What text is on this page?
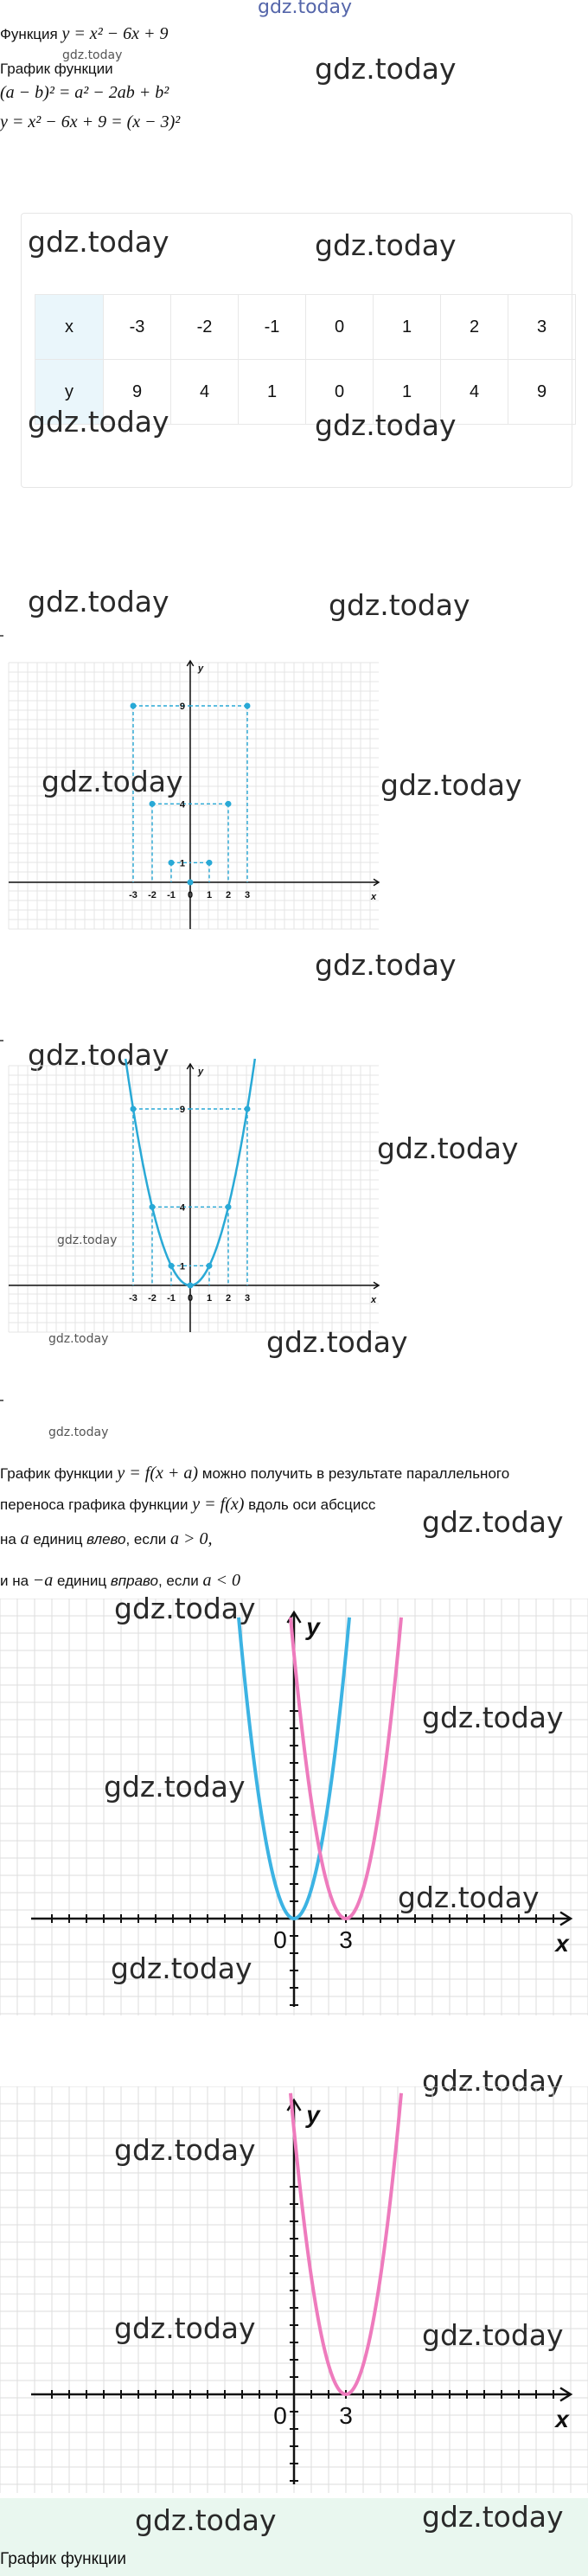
gdz.today
Функция y = x² − 6x + 9
gdz.today
График функции
(a − b)² = a² − 2ab + b²
y = x² − 6x + 9 = (x − 3)²
gdz.today
gdz.today	gdz.today
x	-3	-2	-1	0	1	2	3
y	9	4	1	0	1	4	9
gdz.today	gdz.today
gdz.today	gdz.today
x
y
-3 -2 -1 0 1 2 3
1
4
9
gdz.today	gdz.today
gdz.today
gdz.today
x
y
-3 -2 -1 0 1 2 3
1
4
9
gdz.today
gdz.today
gdz.today	gdz.today
gdz.today
График функции y = f(x + a) можно получить в результате параллельного
переноса графика функции y = f(x) вдоль оси абсцисс
gdz.today
на a единиц влево, если a > 0,
и на −a единиц вправо, если a < 0
x
y
0 3
gdz.today
gdz.today
gdz.today
gdz.today
gdz.today
gdz.today
x
y
0 3
gdz.today
gdz.today	gdz.today
gdz.today	gdz.today
График функции
